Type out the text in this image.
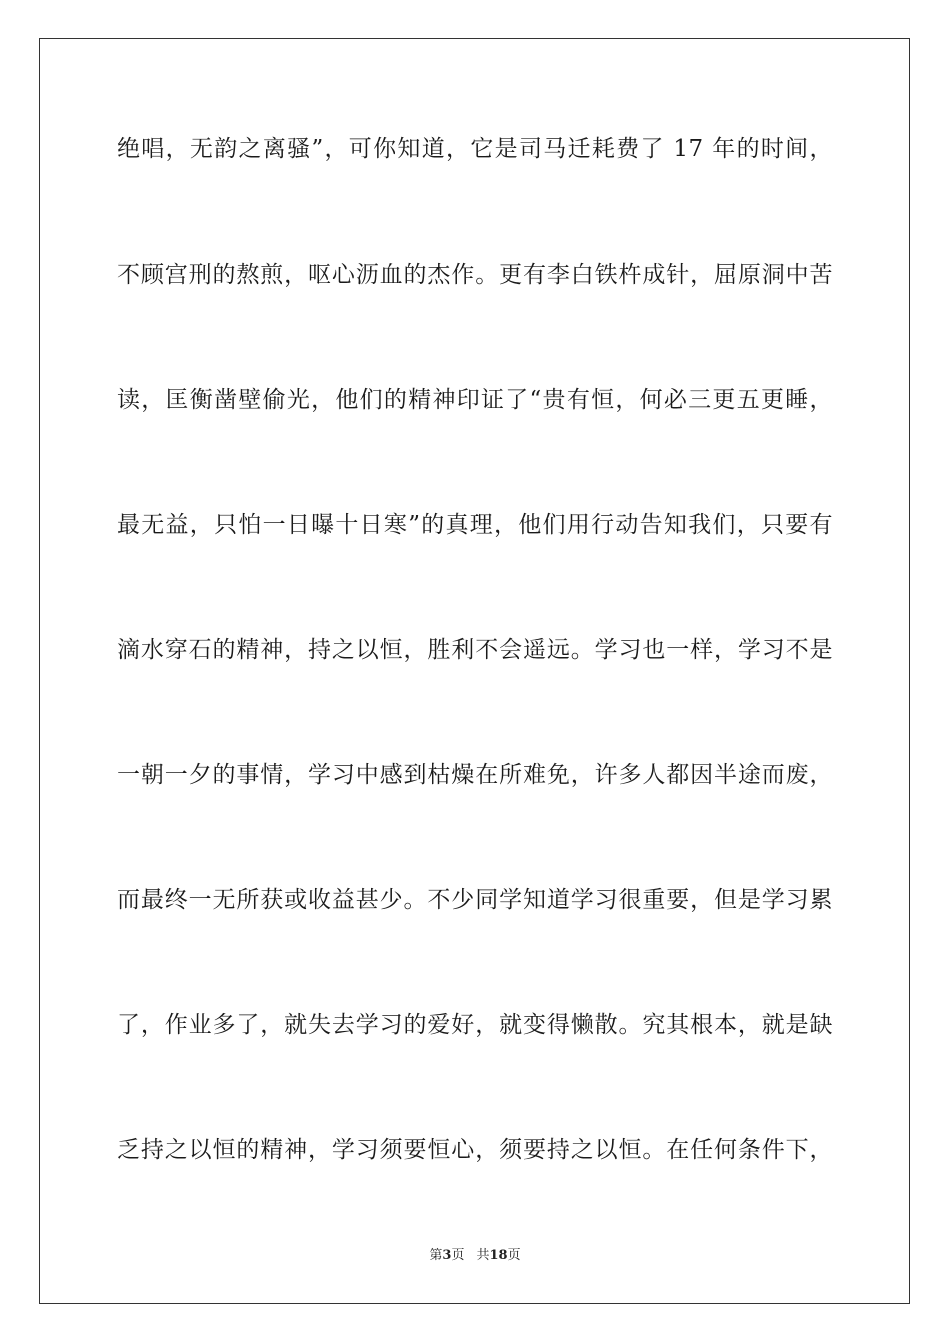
绝唱，无韵之离骚”，可你知道，它是司马迁耗费了 17 年的时间，
不顾宫刑的熬煎，呕心沥血的杰作。更有李白铁杵成针，屈原洞中苦
读，匡衡凿壁偷光，他们的精神印证了“贵有恒，何必三更五更睡，
最无益，只怕一日曝十日寒”的真理，他们用行动告知我们，只要有
滴水穿石的精神，持之以恒，胜利不会遥远。学习也一样，学习不是
一朝一夕的事情，学习中感到枯燥在所难免，许多人都因半途而废，
而最终一无所获或收益甚少。不少同学知道学习很重要，但是学习累
了，作业多了，就失去学习的爱好，就变得懒散。究其根本，就是缺
乏持之以恒的精神，学习须要恒心，须要持之以恒。在任何条件下，
第3页 共18页
